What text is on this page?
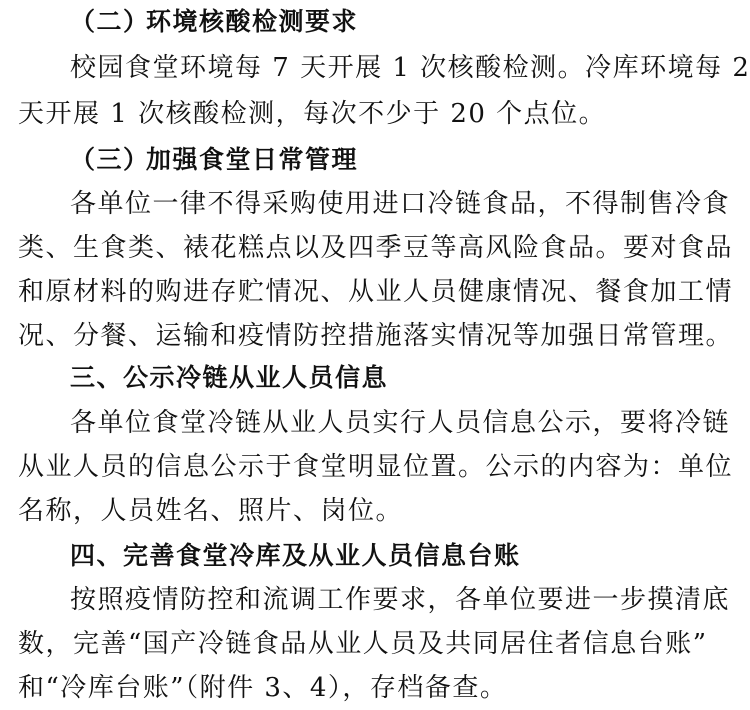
（二）环境核酸检测要求
校园食堂环境每 7 天开展 1 次核酸检测。冷库环境每 2
天开展 1 次核酸检测，每次不少于 20 个点位。
（三）加强食堂日常管理
各单位一律不得采购使用进口冷链食品，不得制售冷食
类、生食类、裱花糕点以及四季豆等高风险食品。要对食品
和原材料的购进存贮情况、从业人员健康情况、餐食加工情
况、分餐、运输和疫情防控措施落实情况等加强日常管理。
三、公示冷链从业人员信息
各单位食堂冷链从业人员实行人员信息公示，要将冷链
从业人员的信息公示于食堂明显位置。公示的内容为：单位
名称，人员姓名、照片、岗位。
四、完善食堂冷库及从业人员信息台账
按照疫情防控和流调工作要求，各单位要进一步摸清底
数，完善“国产冷链食品从业人员及共同居住者信息台账”
和“冷库台账”（附件 3、4），存档备查。
